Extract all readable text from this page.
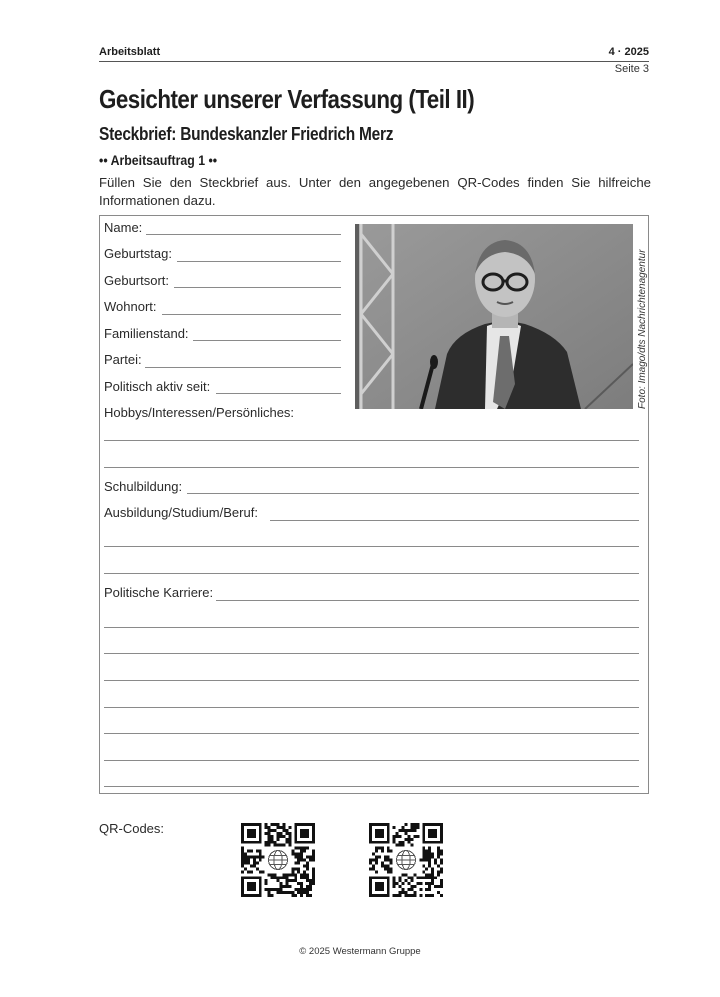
Arbeitsblatt	4 · 2025
Seite 3
Gesichter unserer Verfassung (Teil II)
Steckbrief: Bundeskanzler Friedrich Merz
•• Arbeitsauftrag 1 ••
Füllen Sie den Steckbrief aus. Unter den angegebenen QR-Codes finden Sie hilfreiche Informationen dazu.
Name:
Geburtstag:
Geburtsort:
Wohnort:
Familienstand:
Partei:
Politisch aktiv seit:
Hobbys/Interessen/Persönliches:
Schulbildung:
Ausbildung/Studium/Beruf:
Politische Karriere:
Foto: Imago/dts Nachrichtenagentur
QR-Codes:
© 2025 Westermann Gruppe
